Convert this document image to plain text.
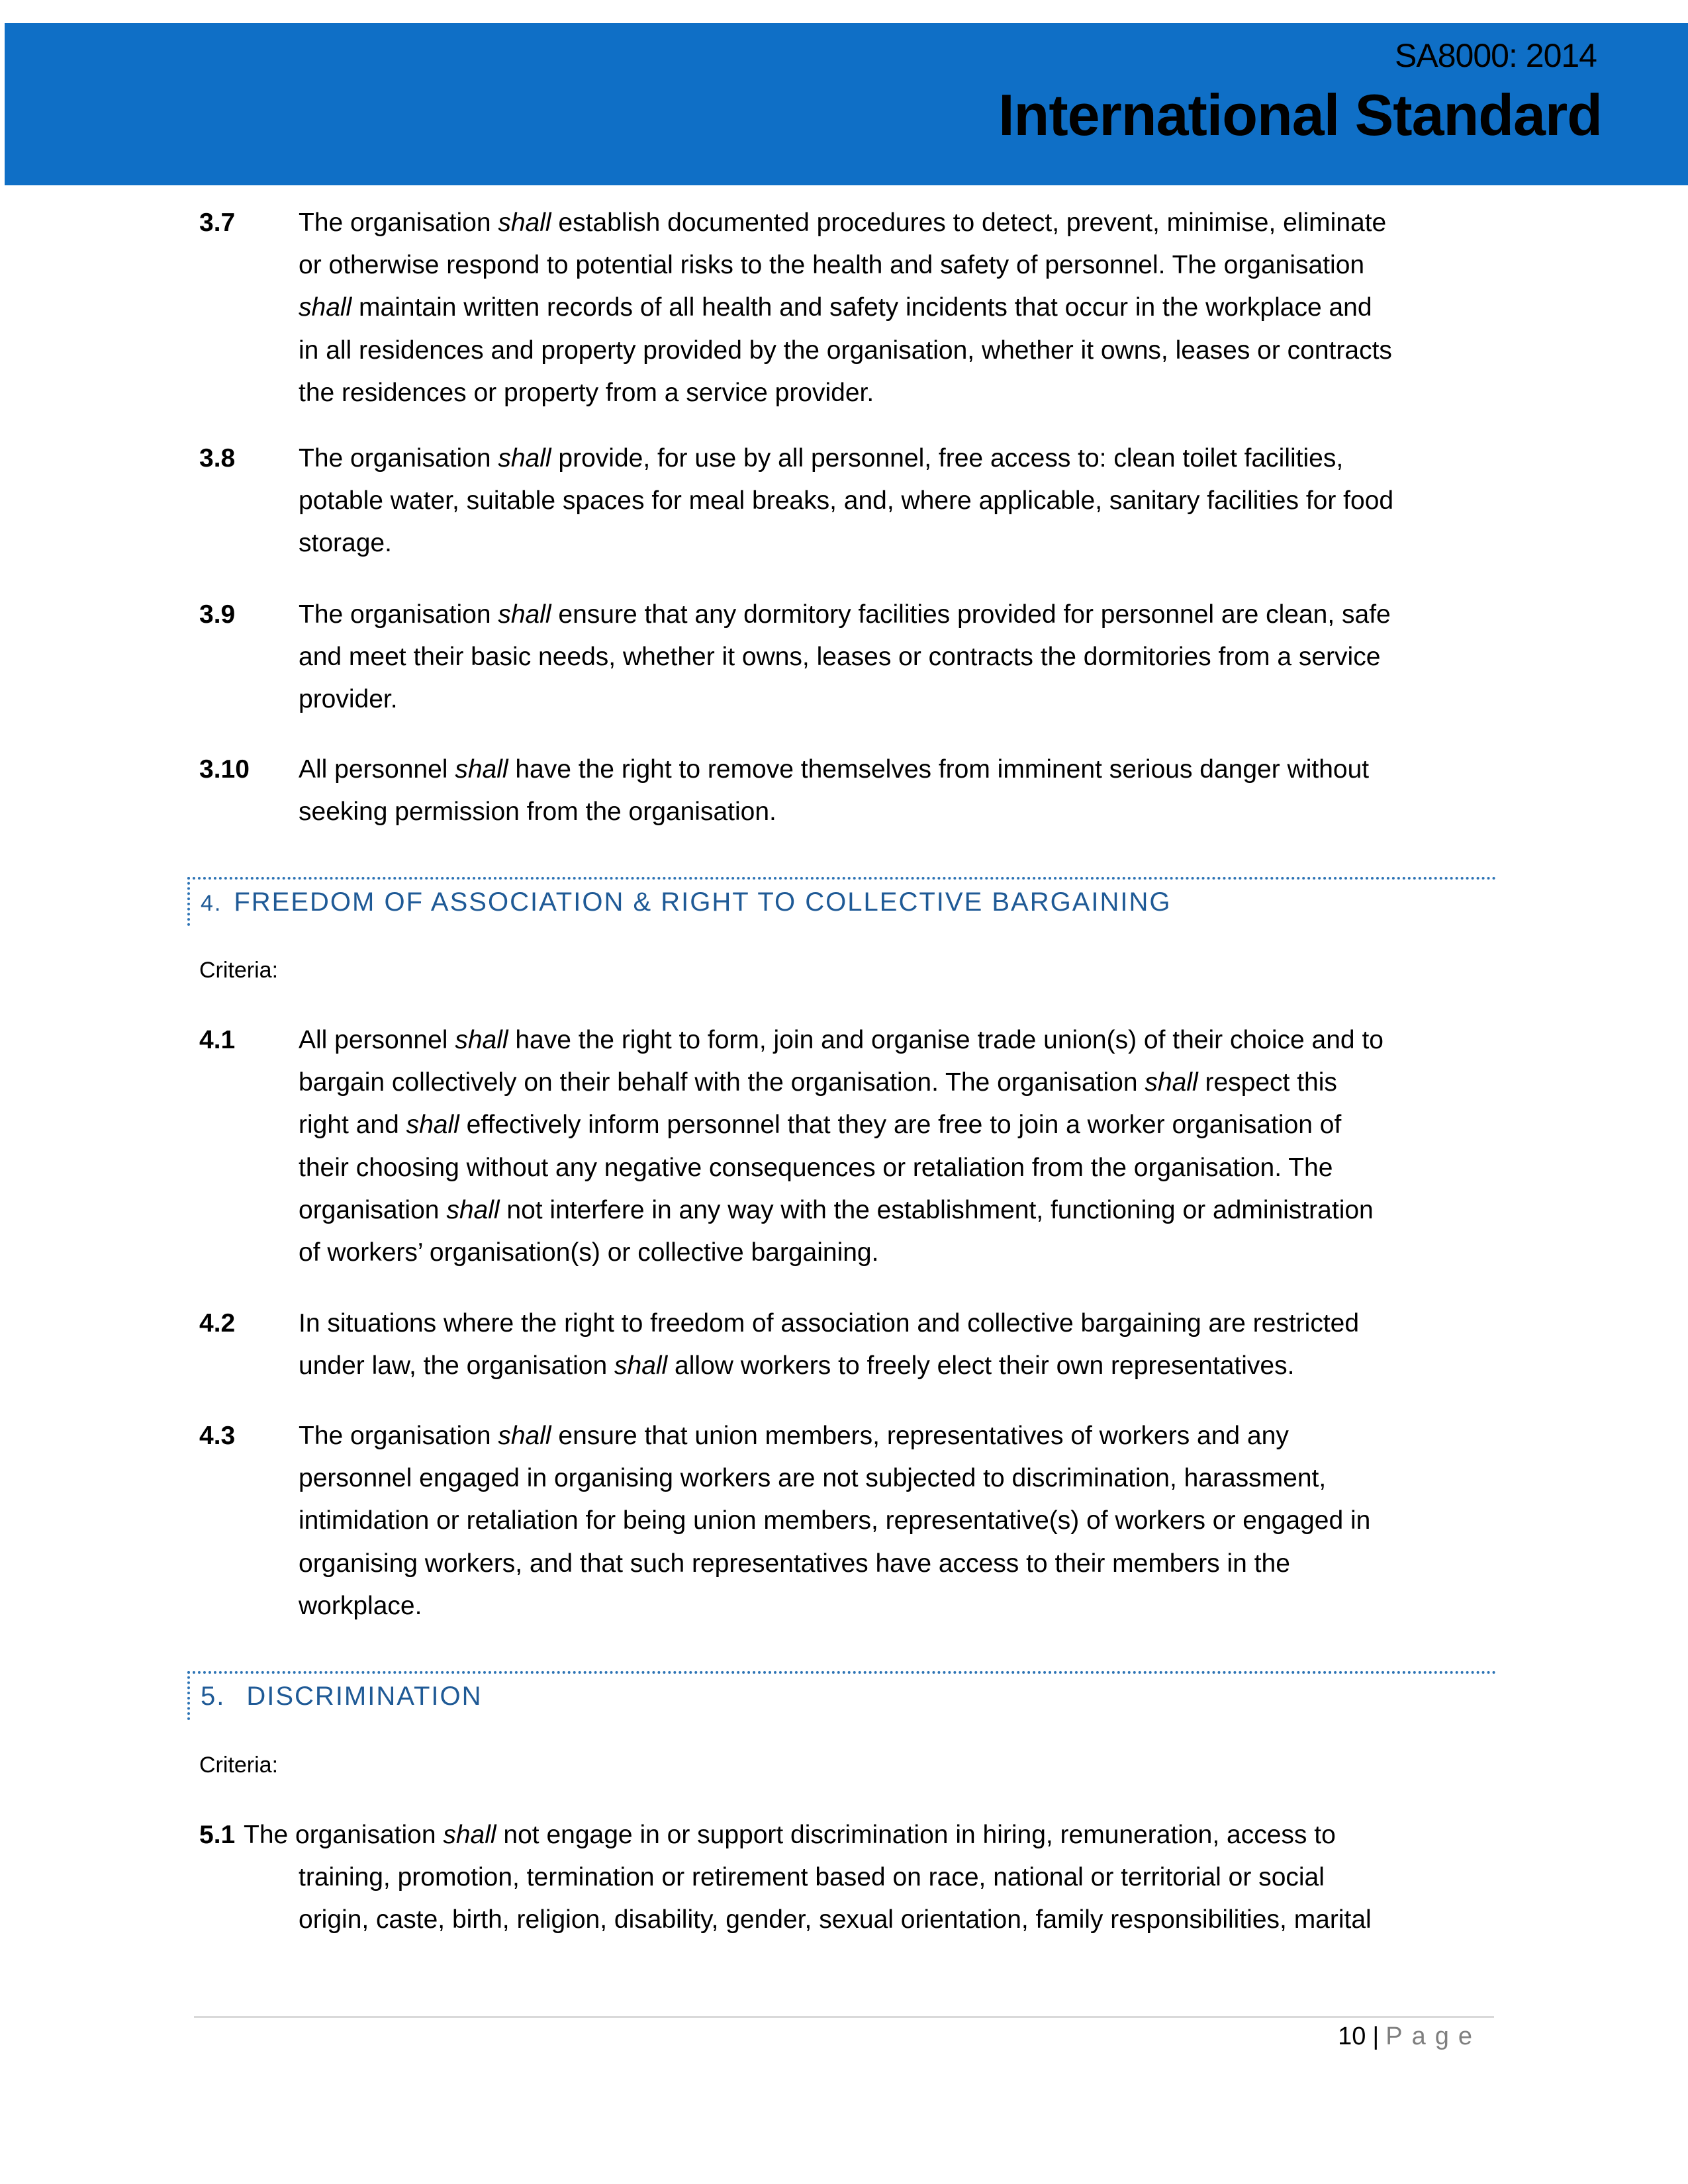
SA8000: 2014
International Standard
3.7 The organisation shall establish documented procedures to detect, prevent, minimise, eliminate
or otherwise respond to potential risks to the health and safety of personnel. The organisation
shall maintain written records of all health and safety incidents that occur in the workplace and
in all residences and property provided by the organisation, whether it owns, leases or contracts
the residences or property from a service provider.
3.8 The organisation shall provide, for use by all personnel, free access to: clean toilet facilities,
potable water, suitable spaces for meal breaks, and, where applicable, sanitary facilities for food
storage.
3.9 The organisation shall ensure that any dormitory facilities provided for personnel are clean, safe
and meet their basic needs, whether it owns, leases or contracts the dormitories from a service
provider.
3.10 All personnel shall have the right to remove themselves from imminent serious danger without
seeking permission from the organisation.
4. FREEDOM OF ASSOCIATION & RIGHT TO COLLECTIVE BARGAINING
Criteria:
4.1 All personnel shall have the right to form, join and organise trade union(s) of their choice and to
bargain collectively on their behalf with the organisation. The organisation shall respect this
right and shall effectively inform personnel that they are free to join a worker organisation of
their choosing without any negative consequences or retaliation from the organisation. The
organisation shall not interfere in any way with the establishment, functioning or administration
of workers’ organisation(s) or collective bargaining.
4.2 In situations where the right to freedom of association and collective bargaining are restricted
under law, the organisation shall allow workers to freely elect their own representatives.
4.3 The organisation shall ensure that union members, representatives of workers and any
personnel engaged in organising workers are not subjected to discrimination, harassment,
intimidation or retaliation for being union members, representative(s) of workers or engaged in
organising workers, and that such representatives have access to their members in the
workplace.
5. DISCRIMINATION
Criteria:
5.1 The organisation shall not engage in or support discrimination in hiring, remuneration, access to
training, promotion, termination or retirement based on race, national or territorial or social
origin, caste, birth, religion, disability, gender, sexual orientation, family responsibilities, marital
10 | Page
